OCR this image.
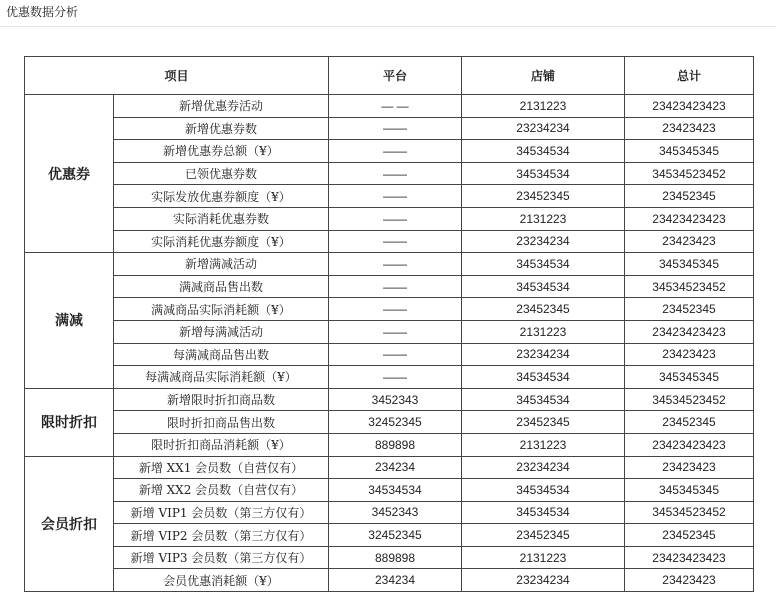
优惠数据分析
项目		平台	店铺	总计
优惠券	新增优惠券活动	— —	2131223	23423423423
	新增优惠券数	——	23234234	23423423
	新增优惠券总额（¥）	——	34534534	345345345
	已领优惠券数	——	34534534	34534523452
	实际发放优惠券额度（¥）	——	23452345	23452345
	实际消耗优惠券数	——	2131223	23423423423
	实际消耗优惠券额度（¥）	——	23234234	23423423
满减	新增满减活动	——	34534534	345345345
	满减商品售出数	——	34534534	34534523452
	满减商品实际消耗额（¥）	——	23452345	23452345
	新增每满减活动	——	2131223	23423423423
	每满减商品售出数	——	23234234	23423423
	每满减商品实际消耗额（¥）	——	34534534	345345345
限时折扣	新增限时折扣商品数	3452343	34534534	34534523452
	限时折扣商品售出数	32452345	23452345	23452345
	限时折扣商品消耗额（¥）	889898	2131223	23423423423
会员折扣	新增 XX1 会员数（自营仅有）	234234	23234234	23423423
	新增 XX2 会员数（自营仅有）	34534534	34534534	345345345
	新增 VIP1 会员数（第三方仅有）	3452343	34534534	34534523452
	新增 VIP2 会员数（第三方仅有）	32452345	23452345	23452345
	新增 VIP3 会员数（第三方仅有）	889898	2131223	23423423423
	会员优惠消耗额（¥）	234234	23234234	23423423
